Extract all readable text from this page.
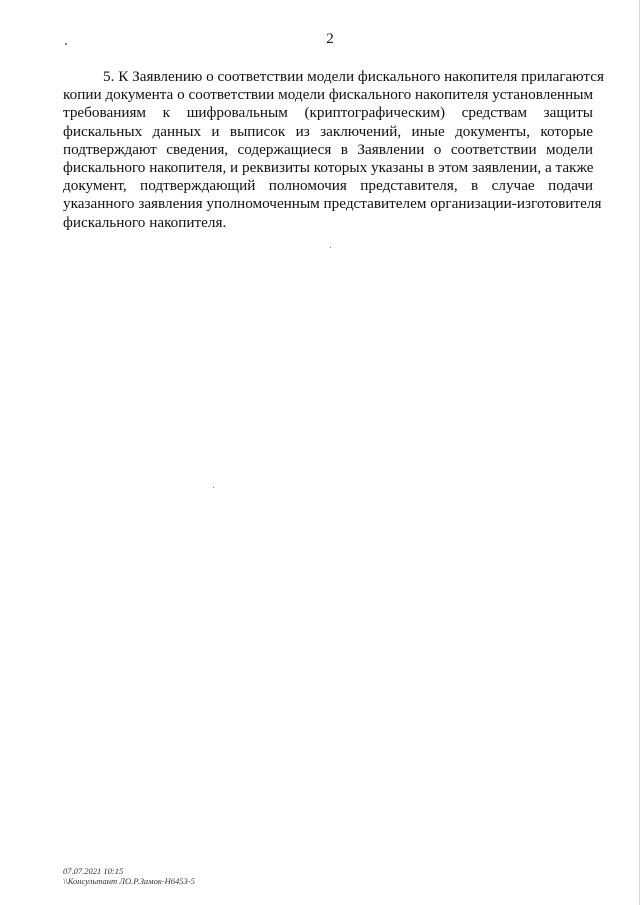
2
5. К Заявлению о соответствии модели фискального накопителя прилагаются
копии документа о соответствии модели фискального накопителя установленным
требованиям к шифровальным (криптографическим) средствам защиты
фискальных данных и выписок из заключений, иные документы, которые
подтверждают сведения, содержащиеся в Заявлении о соответствии модели
фискального накопителя, и реквизиты которых указаны в этом заявлении, а также
документ, подтверждающий полномочия представителя, в случае подачи
указанного заявления уполномоченным представителем организации-изготовителя
фискального накопителя.
07.07.2021 10:15
\\Консультант ЛО.Р.Замок-Н6453-5
